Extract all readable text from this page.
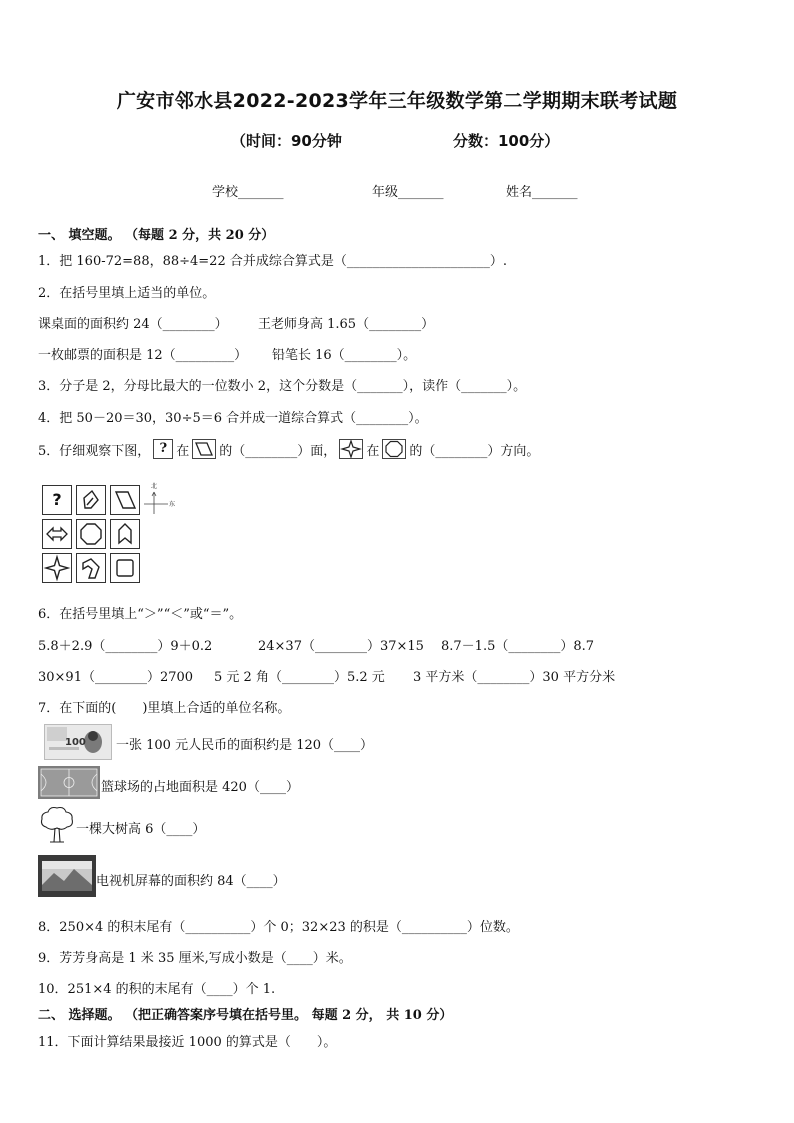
广安市邻水县2022-2023学年三年级数学第二学期期末联考试题
（时间：90分钟	分数：100分）
学校_______	年级_______	姓名_______
一、 填空题。 （每题 2 分，共 20 分）
1．把 160-72=88，88÷4=22 合并成综合算式是（______________________）.
2．在括号里填上适当的单位。
课桌面的面积约 24（________） 王老师身高 1.65（________）
一枚邮票的面积是 12（_________） 铅笔长 16（________）。
3．分子是 2，分母比最大的一位数小 2，这个分数是（_______），读作（_______）。
4．把 50－20＝30，30÷5＝6 合并成一道综合算式（________）。
5．仔细观察下图， ? 在 的（________）面， 在 的（________）方向。
?
北
东
6．在括号里填上“＞”“＜”或“＝”。
5.8＋2.9（________）9＋0.2	24×37（________）37×15 8.7－1.5（________）8.7
30×91（________）2700 5 元 2 角（________）5.2 元 3 平方米（________）30 平方分米
7．在下面的(　　)里填上合适的单位名称。
100 一张 100 元人民币的面积约是 120（____）
篮球场的占地面积是 420（____）
一棵大树高 6（____）
电视机屏幕的面积约 84（____）
8．250×4 的积末尾有（__________）个 0；32×23 的积是（__________）位数。
9．芳芳身高是 1 米 35 厘米,写成小数是（____）米。
10．251×4 的积的末尾有（____）个 1.
二、 选择题。 （把正确答案序号填在括号里。 每题 2 分， 共 10 分）
11．下面计算结果最接近 1000 的算式是（　　）。
